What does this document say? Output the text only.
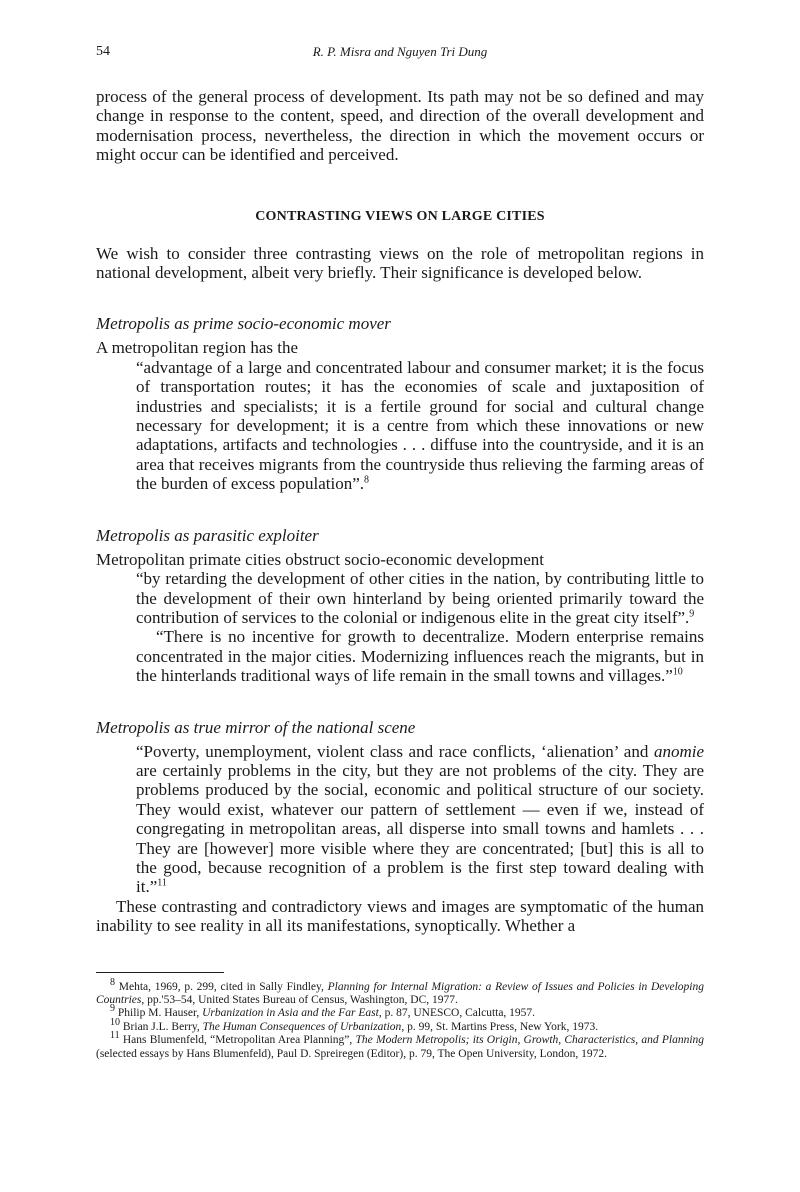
54	R. P. Misra and Nguyen Tri Dung

process of the general process of development. Its path may not be so defined and may change in response to the content, speed, and direction of the overall development and modernisation process, nevertheless, the direction in which the movement occurs or might occur can be identified and perceived.

CONTRASTING VIEWS ON LARGE CITIES

We wish to consider three contrasting views on the role of metropolitan regions in national development, albeit very briefly. Their significance is developed below.

Metropolis as prime socio-economic mover

A metropolitan region has the

“advantage of a large and concentrated labour and consumer market; it is the focus of transportation routes; it has the economies of scale and juxtaposition of industries and specialists; it is a fertile ground for social and cultural change necessary for development; it is a centre from which these innovations or new adaptations, artifacts and technologies . . . diffuse into the countryside, and it is an area that receives migrants from the countryside thus relieving the farming areas of the burden of excess population”.$^8$

Metropolis as parasitic exploiter

Metropolitan primate cities obstruct socio-economic development

“by retarding the development of other cities in the nation, by contributing little to the development of their own hinterland by being oriented primarily toward the contribution of services to the colonial or indigenous elite in the great city itself”.$^9$

“There is no incentive for growth to decentralize. Modern enterprise remains concentrated in the major cities. Modernizing influences reach the migrants, but in the hinterlands traditional ways of life remain in the small towns and villages.”$^{10}$

Metropolis as true mirror of the national scene

“Poverty, unemployment, violent class and race conflicts, ‘alienation’ and anomie are certainly problems in the city, but they are not problems of the city. They are problems produced by the social, economic and political structure of our society. They would exist, whatever our pattern of settlement — even if we, instead of congregating in metropolitan areas, all disperse into small towns and hamlets . . . They are [however] more visible where they are concentrated; [but] this is all to the good, because recognition of a problem is the first step toward dealing with it.”$^{11}$

These contrasting and contradictory views and images are symptomatic of the human inability to see reality in all its manifestations, synoptically. Whether a

$^8$ Mehta, 1969, p. 299, cited in Sally Findley, Planning for Internal Migration: a Review of Issues and Policies in Developing Countries, pp.'53–54, United States Bureau of Census, Washington, DC, 1977.

$^9$ Philip M. Hauser, Urbanization in Asia and the Far East, p. 87, UNESCO, Calcutta, 1957.

$^{10}$ Brian J.L. Berry, The Human Consequences of Urbanization, p. 99, St. Martins Press, New York, 1973.

$^{11}$ Hans Blumenfeld, “Metropolitan Area Planning”, The Modern Metropolis; its Origin, Growth, Characteristics, and Planning (selected essays by Hans Blumenfeld), Paul D. Spreiregen (Editor), p. 79, The Open University, London, 1972.
